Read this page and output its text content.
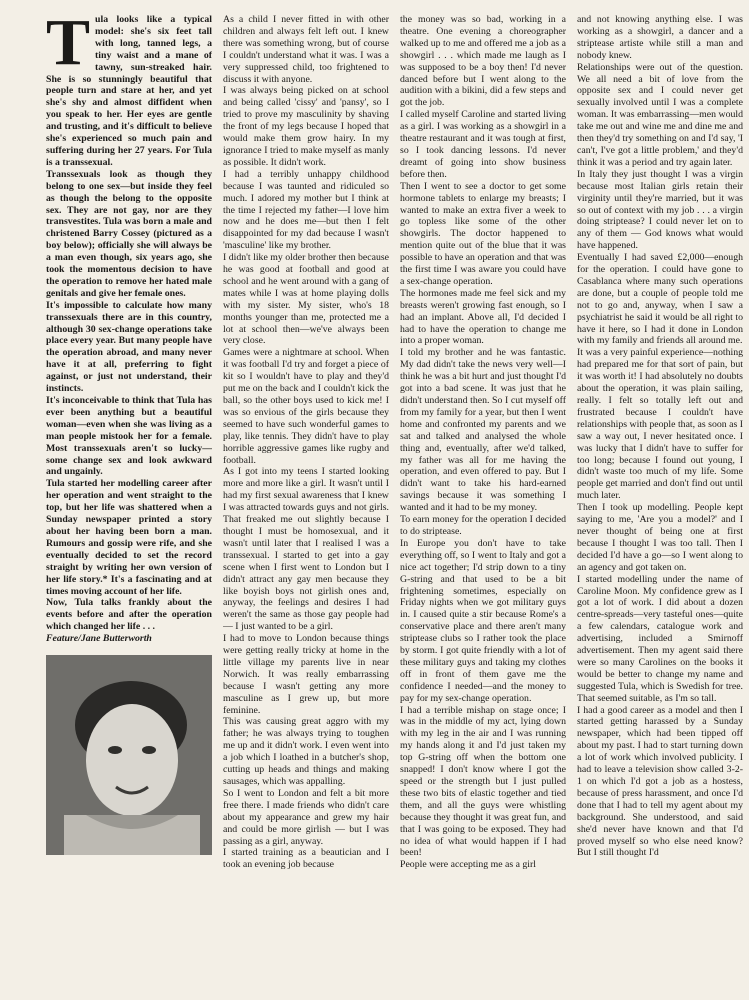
Tula looks like a typical model: she's six feet tall with long, tanned legs, a tiny waist and a mane of tawny, sun-streaked hair. She is so stunningly beautiful that people turn and stare at her, and yet she's shy and almost diffident when you speak to her. Her eyes are gentle and trusting, and it's difficult to believe she's experienced so much pain and suffering during her 27 years. For Tula is a transsexual.

Transsexuals look as though they belong to one sex—but inside they feel as though the belong to the opposite sex. They are not gay, nor are they transvestites. Tula was born a male and christened Barry Cossey (pictured as a boy below); officially she will always be a man even though, six years ago, she took the momentous decision to have the operation to remove her hated male genitals and give her female ones.

It's impossible to calculate how many transsexuals there are in this country, although 30 sex-change operations take place every year. But many people have the operation abroad, and many never have it at all, preferring to fight against, or just not understand, their instincts.

It's inconceivable to think that Tula has ever been anything but a beautiful woman—even when she was living as a man people mistook her for a female. Most transsexuals aren't so lucky—some change sex and look awkward and ungainly.

Tula started her modelling career after her operation and went straight to the top, but her life was shattered when a Sunday newspaper printed a story about her having been born a man. Rumours and gossip were rife, and she eventually decided to set the record straight by writing her own version of her life story.* It's a fascinating and at times moving account of her life.

Now, Tula talks frankly about the events before and after the operation which changed her life . . .

Feature/Jane Butterworth

As a child I never fitted in with other children and always felt left out. I knew there was something wrong, but of course I couldn't understand what it was. I was a very suppressed child, too frightened to discuss it with anyone.

I was always being picked on at school and being called 'cissy' and 'pansy', so I tried to prove my masculinity by shaving the front of my legs because I hoped that would make them grow hairy. In my ignorance I tried to make myself as manly as possible. It didn't work.

I had a terribly unhappy childhood because I was taunted and ridiculed so much. I adored my mother but I think at the time I rejected my father—I love him now and he does me—but then I felt disappointed for my dad because I wasn't 'masculine' like my brother.

I didn't like my older brother then because he was good at football and good at school and he went around with a gang of mates while I was at home playing dolls with my sister. My sister, who's 18 months younger than me, protected me a lot at school then—we've always been very close.

Games were a nightmare at school. When it was football I'd try and forget a piece of kit so I wouldn't have to play and they'd put me on the back and I couldn't kick the ball, so the other boys used to kick me! I was so envious of the girls because they seemed to have such wonderful games to play, like tennis. They didn't have to play horrible aggressive games like rugby and football.

As I got into my teens I started looking more and more like a girl. It wasn't until I had my first sexual awareness that I knew I was attracted towards guys and not girls. That freaked me out slightly because I thought I must be homosexual, and it wasn't until later that I realised I was a transsexual. I started to get into a gay scene when I first went to London but I didn't attract any gay men because they like boyish boys not girlish ones and, anyway, the feelings and desires I had weren't the same as those gay people had — I just wanted to be a girl.

I had to move to London because things were getting really tricky at home in the little village my parents live in near Norwich. It was really embarrassing because I wasn't getting any more masculine as I grew up, but more feminine.

This was causing great aggro with my father; he was always trying to toughen me up and it didn't work. I even went into a job which I loathed in a butcher's shop, cutting up heads and things and making sausages, which was appalling.

So I went to London and felt a bit more free there. I made friends who didn't care about my appearance and grew my hair and could be more girlish — but I was passing as a girl, anyway.

I started training as a beautician and I took an evening job because

the money was so bad, working in a theatre. One evening a choreographer walked up to me and offered me a job as a showgirl . . . which made me laugh as I was supposed to be a boy then! I'd never danced before but I went along to the audition with a bikini, did a few steps and got the job.

I called myself Caroline and started living as a girl. I was working as a showgirl in a theatre restaurant and it was tough at first, so I took dancing lessons. I'd never dreamt of going into show business before then.

Then I went to see a doctor to get some hormone tablets to enlarge my breasts; I wanted to make an extra fiver a week to go topless like some of the other showgirls. The doctor happened to mention quite out of the blue that it was possible to have an operation and that was the first time I was aware you could have a sex-change operation.

The hormones made me feel sick and my breasts weren't growing fast enough, so I had an implant. Above all, I'd decided I had to have the operation to change me into a proper woman.

I told my brother and he was fantastic. My dad didn't take the news very well—I think he was a bit hurt and just thought I'd got into a bad scene. It was just that he didn't understand then. So I cut myself off from my family for a year, but then I went home and confronted my parents and we sat and talked and analysed the whole thing and, eventually, after we'd talked, my father was all for me having the operation, and even offered to pay. But I didn't want to take his hard-earned savings because it was something I wanted and it had to be my money.

To earn money for the operation I decided to do striptease.

In Europe you don't have to take everything off, so I went to Italy and got a nice act together; I'd strip down to a tiny G-string and that used to be a bit frightening sometimes, especially on Friday nights when we got military guys in. I caused quite a stir because Rome's a conservative place and there aren't many striptease clubs so I rather took the place by storm. I got quite friendly with a lot of these military guys and taking my clothes off in front of them gave me the confidence I needed—and the money to pay for my sex-change operation.

I had a terrible mishap on stage once; I was in the middle of my act, lying down with my leg in the air and I was running my hands along it and I'd just taken my top G-string off when the bottom one snapped! I don't know where I got the speed or the strength but I just pulled these two bits of elastic together and tied them, and all the guys were whistling because they thought it was great fun, and that I was going to be exposed. They had no idea of what would happen if I had been!

People were accepting me as a girl

and not knowing anything else. I was working as a showgirl, a dancer and a striptease artiste while still a man and nobody knew.

Relationships were out of the question. We all need a bit of love from the opposite sex and I could never get sexually involved until I was a complete woman. It was embarrassing—men would take me out and wine me and dine me and then they'd try something on and I'd say, 'I can't, I've got a little problem,' and they'd think it was a period and try again later.

In Italy they just thought I was a virgin because most Italian girls retain their virginity until they're married, but it was so out of context with my job . . . a virgin doing striptease? I could never let on to any of them — God knows what would have happened.

Eventually I had saved £2,000—enough for the operation. I could have gone to Casablanca where many such operations are done, but a couple of people told me not to go and, anyway, when I saw a psychiatrist he said it would be all right to have it here, so I had it done in London with my family and friends all around me.

It was a very painful experience—nothing had prepared me for that sort of pain, but it was worth it! I had absolutely no doubts about the operation, it was plain sailing, really. I felt so totally left out and frustrated because I couldn't have relationships with people that, as soon as I saw a way out, I never hesitated once. I was lucky that I didn't have to suffer for too long; because I found out young, I didn't waste too much of my life. Some people get married and don't find out until much later.

Then I took up modelling. People kept saying to me, 'Are you a model?' and I never thought of being one at first because I thought I was too tall. Then I decided I'd have a go—so I went along to an agency and got taken on.

I started modelling under the name of Caroline Moon. My confidence grew as I got a lot of work. I did about a dozen centre-spreads—very tasteful ones—quite a few calendars, catalogue work and advertising, included a Smirnoff advertisement. Then my agent said there were so many Carolines on the books it would be better to change my name and suggested Tula, which is Swedish for tree. That seemed suitable, as I'm so tall.

I had a good career as a model and then I started getting harassed by a Sunday newspaper, which had been tipped off about my past. I had to start turning down a lot of work which involved publicity. I had to leave a television show called 3-2-1 on which I'd got a job as a hostess, because of press harassment, and once I'd done that I had to tell my agent about my background. She understood, and said she'd never have known and that I'd proved myself so who else need know? But I still thought I'd
